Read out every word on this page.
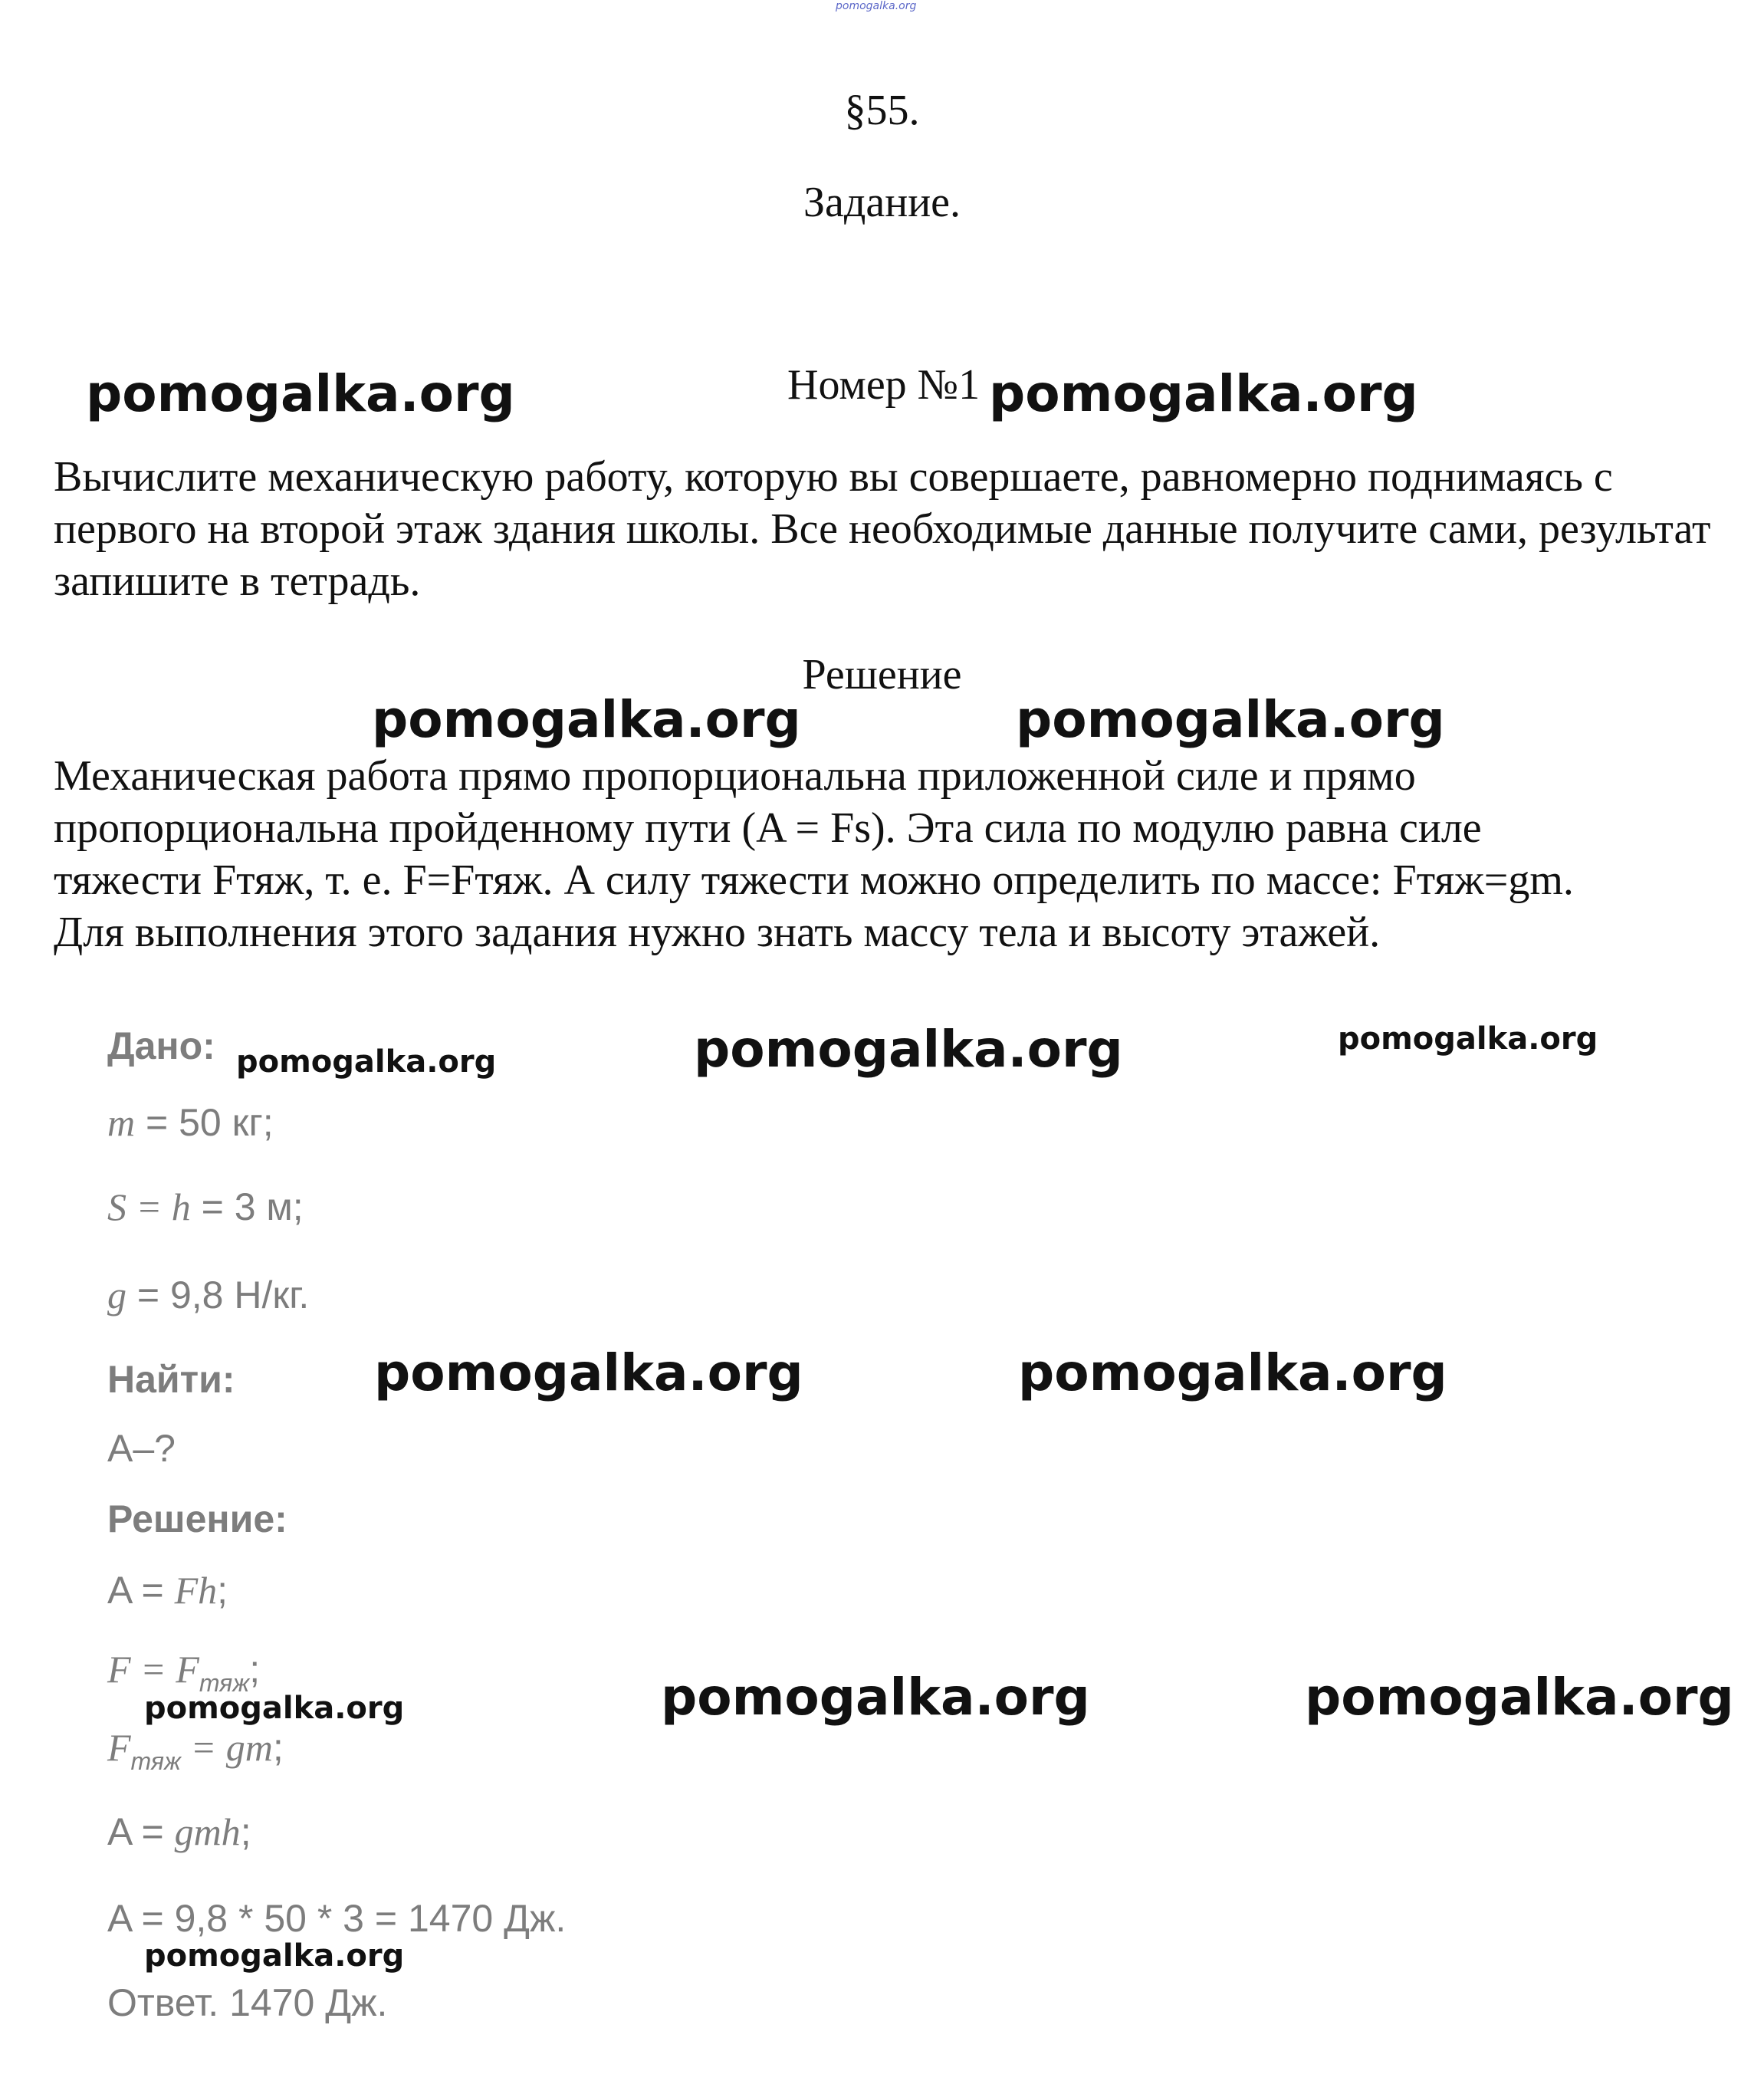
pomogalka.org
§55.
Задание.
pomogalka.org	Номер №1 pomogalka.org

Вычислите механическую работу, которую вы совершаете, равномерно поднимаясь с первого на второй этаж здания школы. Все необходимые данные получите сами, результат запишите в тетрадь.

Решение
pomogalka.org	pomogalka.org

Механическая работа прямо пропорциональна приложенной силе и прямо

пропорциональна пройденному пути (A = Fs). Эта сила по модулю равна силе

тяжести Fтяж, т. е. F=Fтяж. А силу тяжести можно определить по массе: Fтяж=gm.

Для выполнения этого задания нужно знать массу тела и высоту этажей.

Дано: pomogalka.org	pomogalka.org	pomogalka.org
m = 50 кг;
S = h = 3 м;
g = 9,8 Н/кг.
Найти:	pomogalka.org	pomogalka.org
A–?
Решение:
A = Fh;
$F = F_{тяж}$;
pomogalka.org	pomogalka.org	pomogalka.org
$F_{тяж}$ = gm;
A = gmh;
A = 9,8 * 50 * 3 = 1470 Дж.
pomogalka.org
Ответ. 1470 Дж.
